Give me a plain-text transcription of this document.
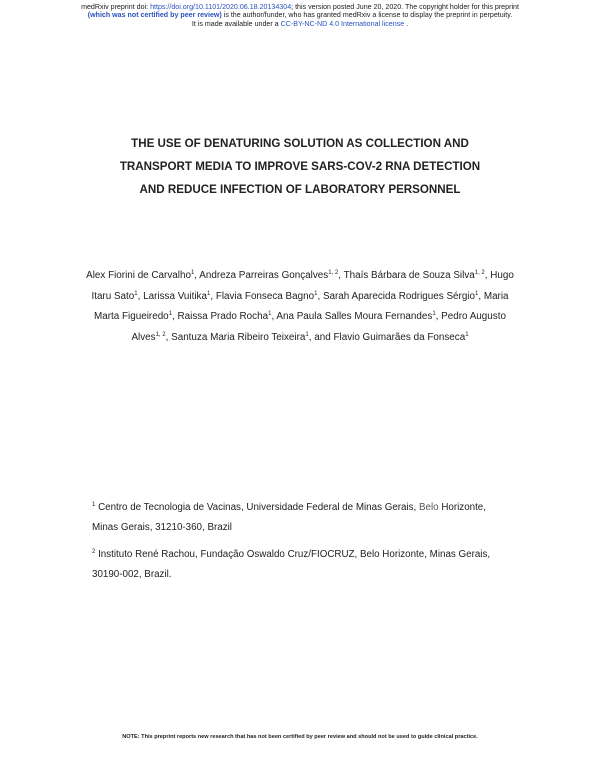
medRxiv preprint doi: https://doi.org/10.1101/2020.06.18.20134304; this version posted June 20, 2020. The copyright holder for this preprint
(which was not certified by peer review) is the author/funder, who has granted medRxiv a license to display the preprint in perpetuity.
It is made available under a CC-BY-NC-ND 4.0 International license .
THE USE OF DENATURING SOLUTION AS COLLECTION AND
TRANSPORT MEDIA TO IMPROVE SARS-COV-2 RNA DETECTION
AND REDUCE INFECTION OF LABORATORY PERSONNEL
Alex Fiorini de Carvalho$^1$, Andreza Parreiras Gonçalves$^{1, 2}$, Thaís Bárbara de Souza Silva$^{1, 2}$, Hugo Itaru Sato$^1$, Larissa Vuitika$^1$, Flavia Fonseca Bagno$^1$, Sarah Aparecida Rodrigues Sérgio$^1$, Maria Marta Figueiredo$^1$, Raissa Prado Rocha$^1$, Ana Paula Salles Moura Fernandes$^1$, Pedro Augusto Alves$^{1, 2}$, Santuza Maria Ribeiro Teixeira$^1$, and Flavio Guimarães da Fonseca$^1$
$^1$ Centro de Tecnologia de Vacinas, Universidade Federal de Minas Gerais, Belo Horizonte, Minas Gerais, 31210-360, Brazil
$^2$ Instituto René Rachou, Fundação Oswaldo Cruz/FIOCRUZ, Belo Horizonte, Minas Gerais, 30190-002, Brazil.
NOTE: This preprint reports new research that has not been certified by peer review and should not be used to guide clinical practice.
